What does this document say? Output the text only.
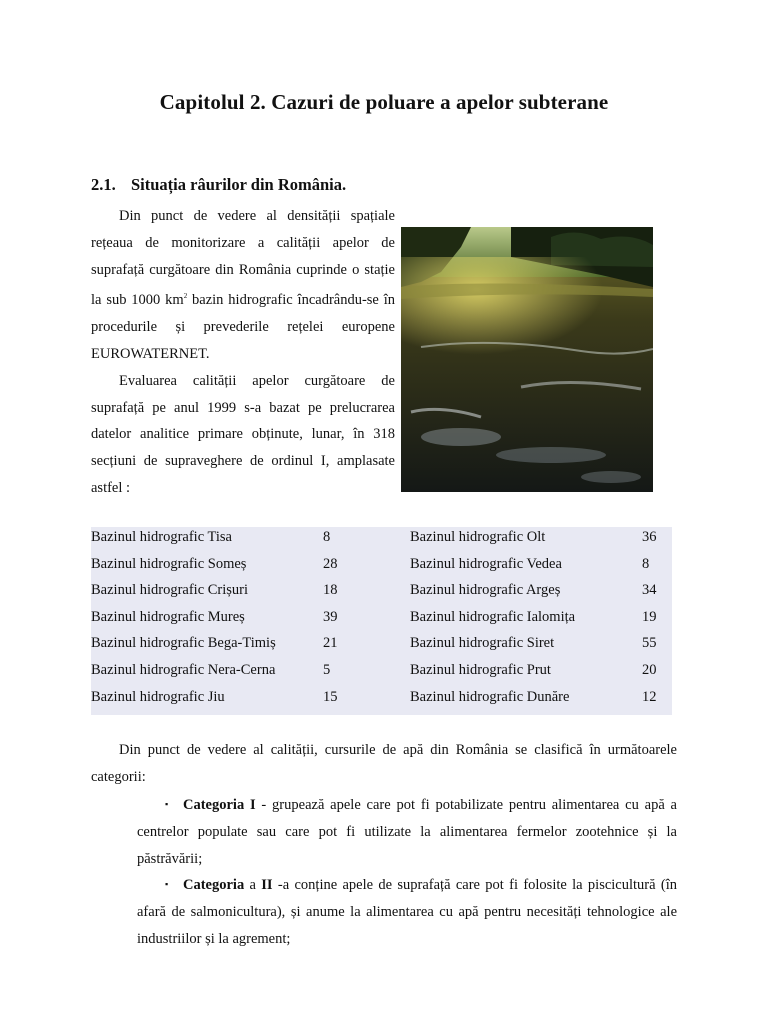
Capitolul 2. Cazuri de poluare a apelor subterane
2.1. Situația râurilor din România.

Din punct de vedere al densității spațiale rețeaua de monitorizare a calității apelor de suprafață curgătoare din România cuprinde o stație la sub 1000 $km^2$ bazin hidrografic încadrându-se în procedurile și prevederile rețelei europene EUROWATERNET.

Evaluarea calității apelor curgătoare de suprafață pe anul 1999 s-a bazat pe prelucrarea datelor analitice primare obținute, lunar, în 318 secțiuni de supraveghere de ordinul I, amplasate astfel :

Bazinul hidrografic Tisa	8
Bazinul hidrografic Someș	28
Bazinul hidrografic Crișuri	18
Bazinul hidrografic Mureș	39
Bazinul hidrografic Bega-Timiș	21
Bazinul hidrografic Nera-Cerna	5
Bazinul hidrografic Jiu	15
Bazinul hidrografic Olt	36
Bazinul hidrografic Vedea	8
Bazinul hidrografic Argeș	34
Bazinul hidrografic Ialomița	19
Bazinul hidrografic Siret	55
Bazinul hidrografic Prut	20
Bazinul hidrografic Dunăre	12

Din punct de vedere al calității, cursurile de apă din România se clasifică în următoarele categorii:

▪ Categoria I - grupează apele care pot fi potabilizate pentru alimentarea cu apă a centrelor populate sau care pot fi utilizate la alimentarea fermelor zootehnice și la păstrăvării;

▪ Categoria a II -a conține apele de suprafață care pot fi folosite la piscicultură (în afară de salmonicultura), și anume la alimentarea cu apă pentru necesități tehnologice ale industriilor și la agrement;
